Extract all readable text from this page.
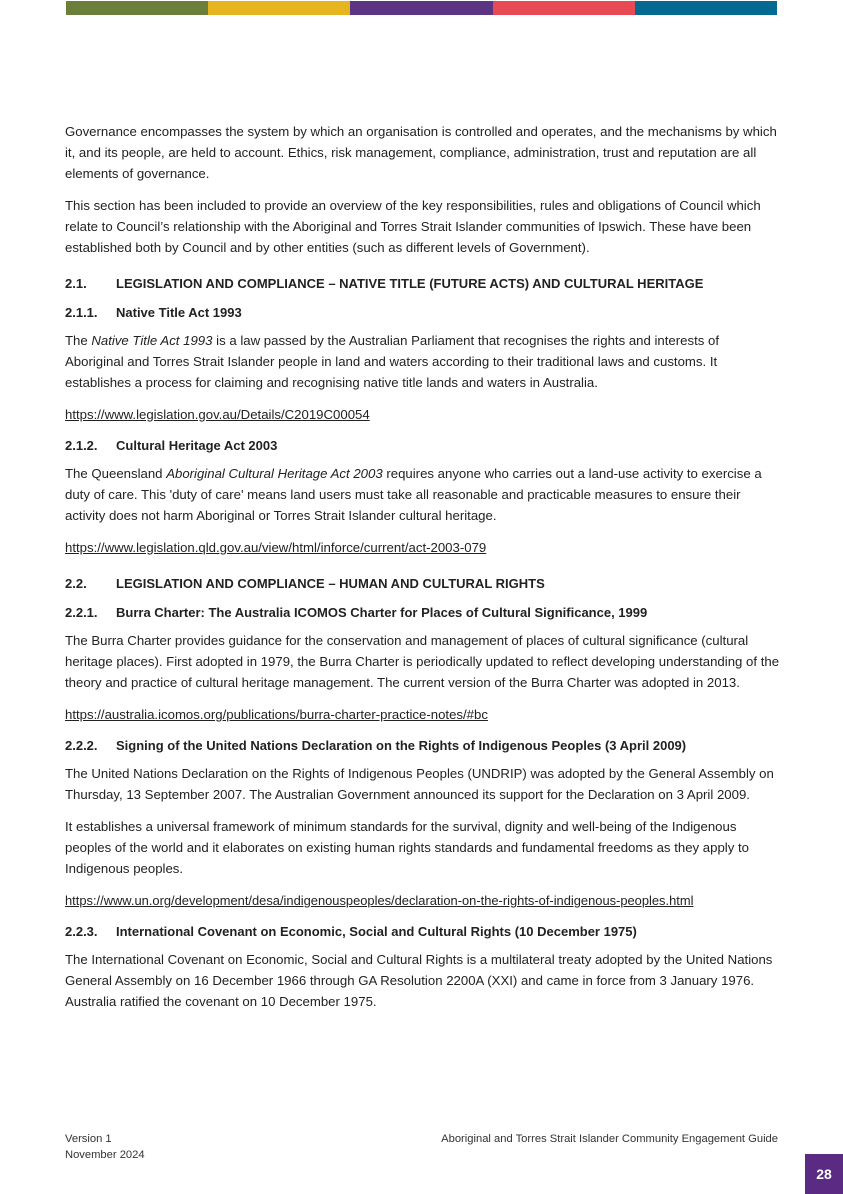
Governance encompasses the system by which an organisation is controlled and operates, and the mechanisms by which it, and its people, are held to account. Ethics, risk management, compliance, administration, trust and reputation are all elements of governance.

This section has been included to provide an overview of the key responsibilities, rules and obligations of Council which relate to Council’s relationship with the Aboriginal and Torres Strait Islander communities of Ipswich. These have been established both by Council and by other entities (such as different levels of Government).

2.1. LEGISLATION AND COMPLIANCE – NATIVE TITLE (FUTURE ACTS) AND CULTURAL HERITAGE
2.1.1. Native Title Act 1993

The Native Title Act 1993 is a law passed by the Australian Parliament that recognises the rights and interests of Aboriginal and Torres Strait Islander people in land and waters according to their traditional laws and customs. It establishes a process for claiming and recognising native title lands and waters in Australia.

https://www.legislation.gov.au/Details/C2019C00054
2.1.2. Cultural Heritage Act 2003

The Queensland Aboriginal Cultural Heritage Act 2003 requires anyone who carries out a land-use activity to exercise a duty of care. This 'duty of care' means land users must take all reasonable and practicable measures to ensure their activity does not harm Aboriginal or Torres Strait Islander cultural heritage.

https://www.legislation.qld.gov.au/view/html/inforce/current/act-2003-079
2.2. LEGISLATION AND COMPLIANCE – HUMAN AND CULTURAL RIGHTS
2.2.1. Burra Charter: The Australia ICOMOS Charter for Places of Cultural Significance, 1999

The Burra Charter provides guidance for the conservation and management of places of cultural significance (cultural heritage places). First adopted in 1979, the Burra Charter is periodically updated to reflect developing understanding of the theory and practice of cultural heritage management. The current version of the Burra Charter was adopted in 2013.

https://australia.icomos.org/publications/burra-charter-practice-notes/#bc
2.2.2. Signing of the United Nations Declaration on the Rights of Indigenous Peoples (3 April 2009)

The United Nations Declaration on the Rights of Indigenous Peoples (UNDRIP) was adopted by the General Assembly on Thursday, 13 September 2007. The Australian Government announced its support for the Declaration on 3 April 2009.

It establishes a universal framework of minimum standards for the survival, dignity and well-being of the Indigenous peoples of the world and it elaborates on existing human rights standards and fundamental freedoms as they apply to Indigenous peoples.

https://www.un.org/development/desa/indigenouspeoples/declaration-on-the-rights-of-indigenous-peoples.html
2.2.3. International Covenant on Economic, Social and Cultural Rights (10 December 1975)

The International Covenant on Economic, Social and Cultural Rights is a multilateral treaty adopted by the United Nations General Assembly on 16 December 1966 through GA Resolution 2200A (XXI) and came in force from 3 January 1976. Australia ratified the covenant on 10 December 1975.

Version 1
November 2024
Aboriginal and Torres Strait Islander Community Engagement Guide
28
